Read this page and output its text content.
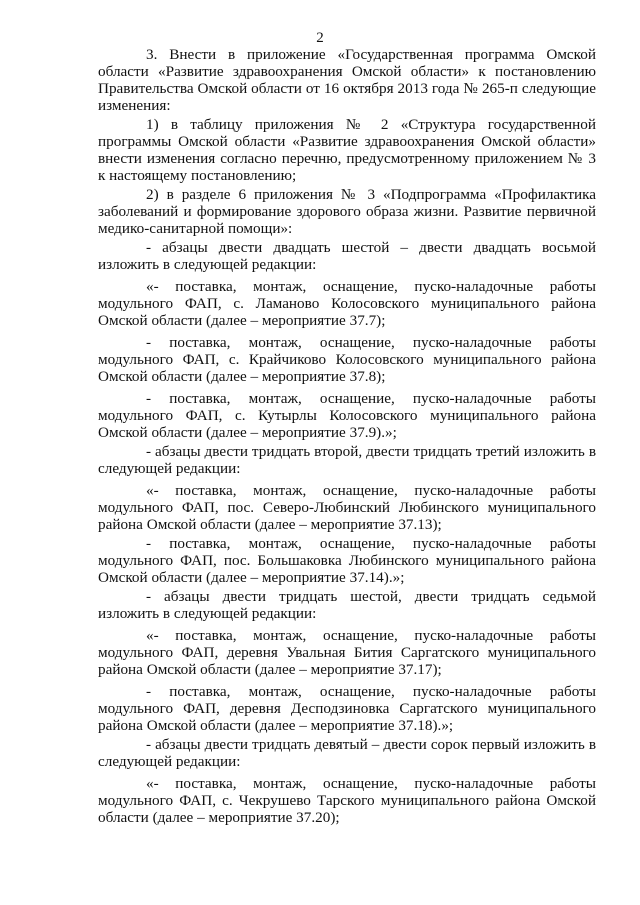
2

3. Внести в приложение «Государственная программа Омской области «Развитие здравоохранения Омской области» к постановлению Правительства Омской области от 16 октября 2013 года № 265-п следующие изменения:

1) в таблицу приложения № 2 «Структура государственной программы Омской области «Развитие здравоохранения Омской области» внести изменения согласно перечню, предусмотренному приложением № 3 к настоящему постановлению;

2) в разделе 6 приложения № 3 «Подпрограмма «Профилактика заболеваний и формирование здорового образа жизни. Развитие первичной медико-санитарной помощи»:

- абзацы двести двадцать шестой – двести двадцать восьмой изложить в следующей редакции:

«- поставка, монтаж, оснащение, пуско-наладочные работы модульного ФАП, с. Ламаново Колосовского муниципального района Омской области (далее – мероприятие 37.7);

- поставка, монтаж, оснащение, пуско-наладочные работы модульного ФАП, с. Крайчиково Колосовского муниципального района Омской области (далее – мероприятие 37.8);

- поставка, монтаж, оснащение, пуско-наладочные работы модульного ФАП, с. Кутырлы Колосовского муниципального района Омской области (далее – мероприятие 37.9).»;

- абзацы двести тридцать второй, двести тридцать третий изложить в следующей редакции:

«- поставка, монтаж, оснащение, пуско-наладочные работы модульного ФАП, пос. Северо-Любинский Любинского муниципального района Омской области (далее – мероприятие 37.13);

- поставка, монтаж, оснащение, пуско-наладочные работы модульного ФАП, пос. Большаковка Любинского муниципального района Омской области (далее – мероприятие 37.14).»;

- абзацы двести тридцать шестой, двести тридцать седьмой изложить в следующей редакции:

«- поставка, монтаж, оснащение, пуско-наладочные работы модульного ФАП, деревня Увальная Бития Саргатского муниципального района Омской области (далее – мероприятие 37.17);

- поставка, монтаж, оснащение, пуско-наладочные работы модульного ФАП, деревня Десподзиновка Саргатского муниципального района Омской области (далее – мероприятие 37.18).»;

- абзацы двести тридцать девятый – двести сорок первый изложить в следующей редакции:

«- поставка, монтаж, оснащение, пуско-наладочные работы модульного ФАП, с. Чекрушево Тарского муниципального района Омской области (далее – мероприятие 37.20);
